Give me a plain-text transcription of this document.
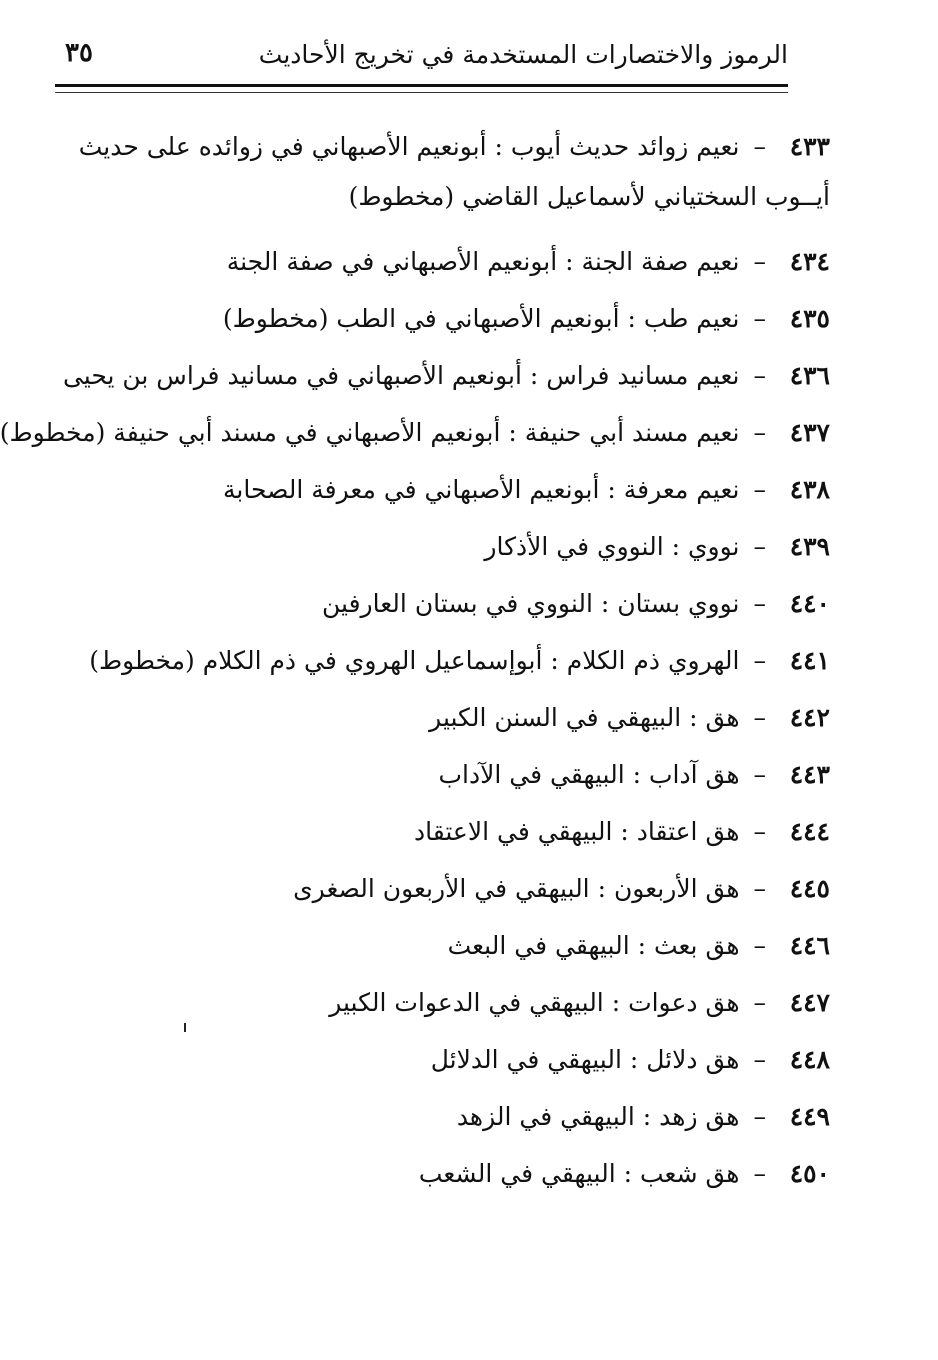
الرموز والاختصارات المستخدمة في تخريج الأحاديث
٣٥
٤٣٣–نعيم زوائد حديث أيوب : أبونعيم الأصبهاني في زوائده على حديث أيــوب السختياني لأسماعيل القاضي (مخطوط)
٤٣٤–نعيم صفة الجنة : أبونعيم الأصبهاني في صفة الجنة
٤٣٥–نعيم طب : أبونعيم الأصبهاني في الطب (مخطوط)
٤٣٦–نعيم مسانيد فراس : أبونعيم الأصبهاني في مسانيد فراس بن يحيى
٤٣٧–نعيم مسند أبي حنيفة : أبونعيم الأصبهاني في مسند أبي حنيفة (مخطوط)
٤٣٨–نعيم معرفة : أبونعيم الأصبهاني في معرفة الصحابة
٤٣٩–نووي : النووي في الأذكار
٤٤٠–نووي بستان : النووي في بستان العارفين
٤٤١–الهروي ذم الكلام : أبوإسماعيل الهروي في ذم الكلام (مخطوط)
٤٤٢–هق : البيهقي في السنن الكبير
٤٤٣–هق آداب : البيهقي في الآداب
٤٤٤–هق اعتقاد : البيهقي في الاعتقاد
٤٤٥–هق الأربعون : البيهقي في الأربعون الصغرى
٤٤٦–هق بعث : البيهقي في البعث
٤٤٧–هق دعوات : البيهقي في الدعوات الكبير
٤٤٨–هق دلائل : البيهقي في الدلائل
٤٤٩–هق زهد : البيهقي في الزهد
٤٥٠–هق شعب : البيهقي في الشعب
